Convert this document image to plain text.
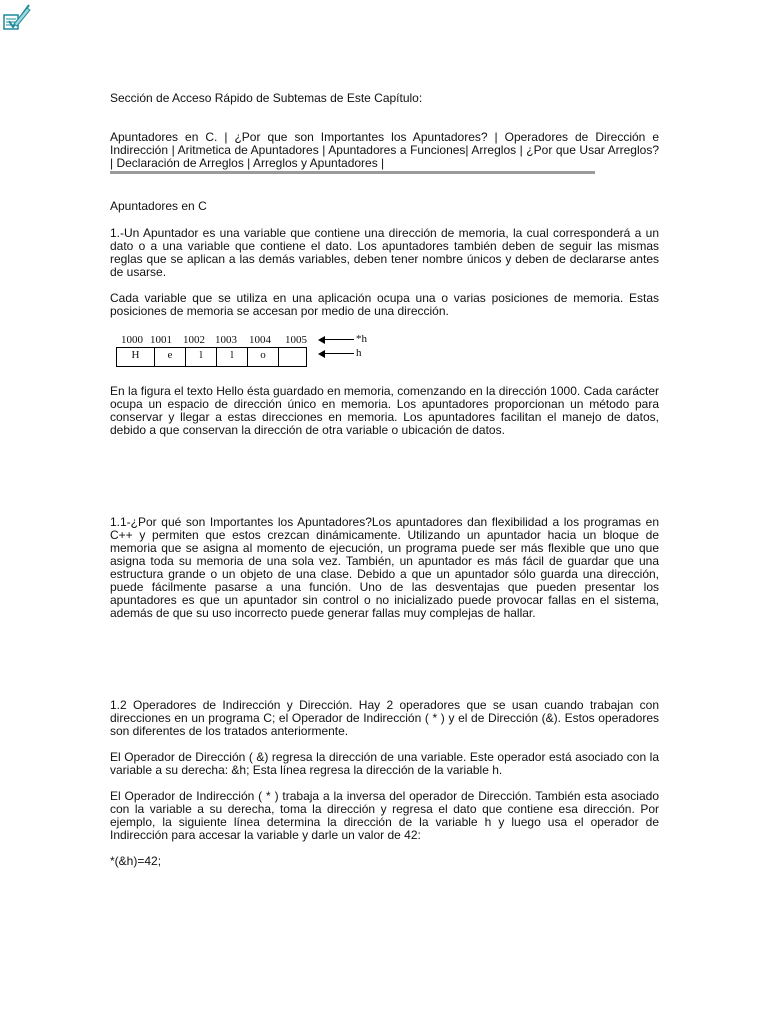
Sección de Acceso Rápido de Subtemas de Este Capítulo:

Apuntadores en C. | ¿Por que son Importantes los Apuntadores? | Operadores de Dirección e Indirección | Aritmetica de Apuntadores | Apuntadores a Funciones| Arreglos | ¿Por que Usar Arreglos? | Declaración de Arreglos | Arreglos y Apuntadores |

Apuntadores en C

1.-Un Apuntador es una variable que contiene una dirección de memoria, la cual corresponderá a un dato o a una variable que contiene el dato. Los apuntadores también deben de seguir las mismas reglas que se aplican a las demás variables, deben tener nombre únicos y deben de declararse antes de usarse.

Cada variable que se utiliza en una aplicación ocupa una o varias posiciones de memoria. Estas posiciones de memoria se accesan por medio de una dirección.

1000 1001 1002 1003 1004 1005
H	e	l	l	o
*h
h

En la figura el texto Hello ésta guardado en memoria, comenzando en la dirección 1000. Cada carácter ocupa un espacio de dirección único en memoria. Los apuntadores proporcionan un método para conservar y llegar a estas direcciones en memoria. Los apuntadores facilitan el manejo de datos, debido a que conservan la dirección de otra variable o ubicación de datos.

1.1-¿Por qué son Importantes los Apuntadores?Los apuntadores dan flexibilidad a los programas en C++ y permiten que estos crezcan dinámicamente. Utilizando un apuntador hacia un bloque de memoria que se asigna al momento de ejecución, un programa puede ser más flexible que uno que asigna toda su memoria de una sola vez. También, un apuntador es más fácil de guardar que una estructura grande o un objeto de una clase. Debido a que un apuntador sólo guarda una dirección, puede fácilmente pasarse a una función. Uno de las desventajas que pueden presentar los apuntadores es que un apuntador sin control o no inicializado puede provocar fallas en el sistema, además de que su uso incorrecto puede generar fallas muy complejas de hallar.

1.2 Operadores de Indirección y Dirección. Hay 2 operadores que se usan cuando trabajan con direcciones en un programa C; el Operador de Indirección ( * ) y el de Dirección (&). Estos operadores son diferentes de los tratados anteriormente.

El Operador de Dirección ( &) regresa la dirección de una variable. Este operador está asociado con la variable a su derecha: &h; Esta línea regresa la dirección de la variable h.

El Operador de Indirección ( * ) trabaja a la inversa del operador de Dirección. También esta asociado con la variable a su derecha, toma la dirección y regresa el dato que contiene esa dirección. Por ejemplo, la siguiente línea determina la dirección de la variable h y luego usa el operador de Indirección para accesar la variable y darle un valor de 42:

*(&h)=42;
